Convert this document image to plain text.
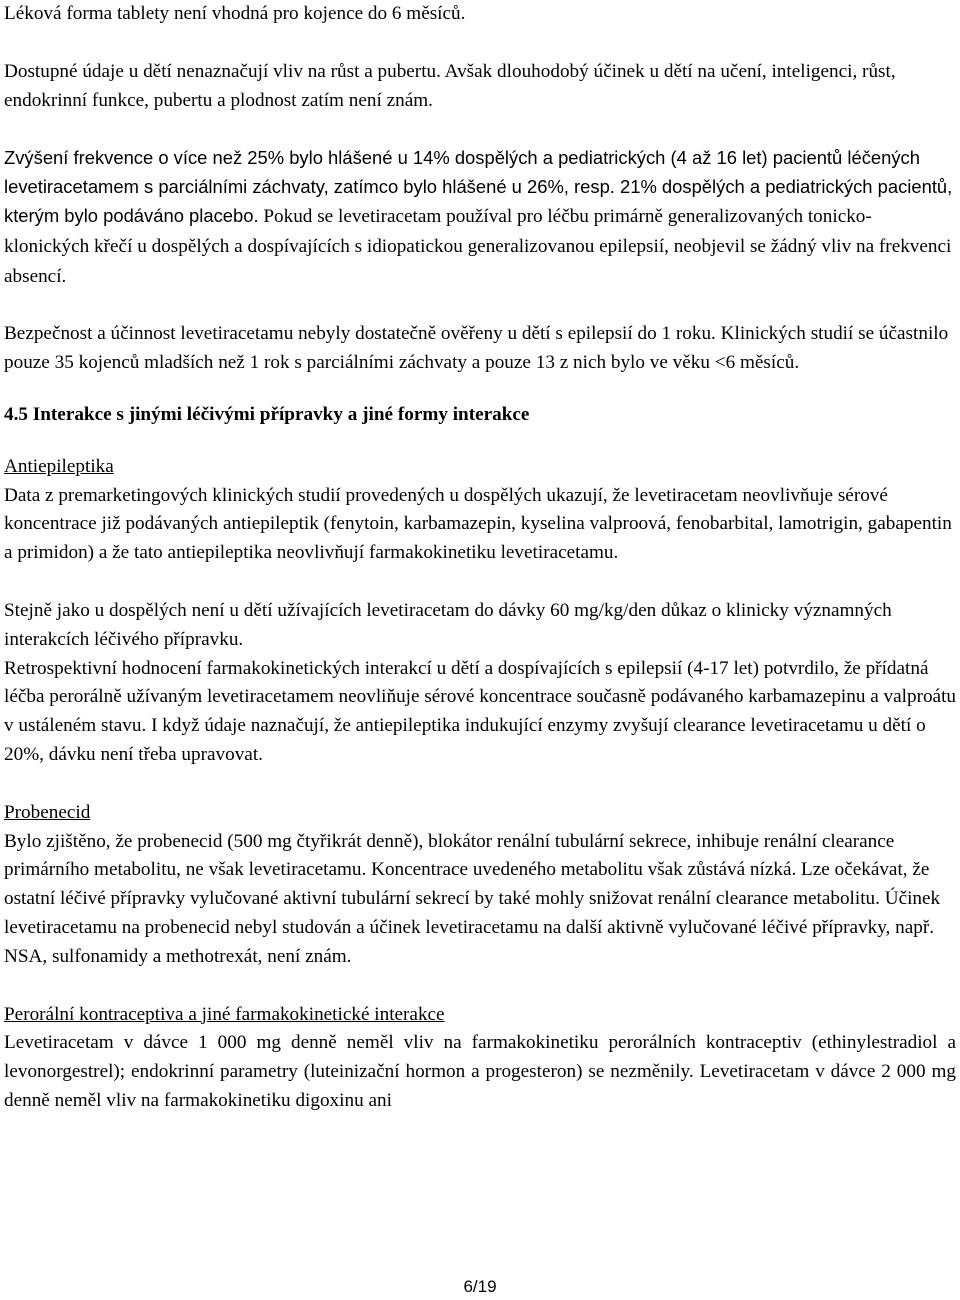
Léková forma tablety není vhodná pro kojence do 6 měsíců.

Dostupné údaje u dětí nenaznačují vliv na růst a pubertu. Avšak dlouhodobý účinek u dětí na učení, inteligenci, růst, endokrinní funkce, pubertu a plodnost zatím není znám.

Zvýšení frekvence o více než 25% bylo hlášené u 14% dospělých a pediatrických (4 až 16 let) pacientů léčených levetiracetamem s parciálními záchvaty, zatímco bylo hlášené u 26%, resp. 21% dospělých a pediatrických pacientů, kterým bylo podáváno placebo. Pokud se levetiracetam používal pro léčbu primárně generalizovaných tonicko-klonických křečí u dospělých a dospívajících s idiopatickou generalizovanou epilepsií, neobjevil se žádný vliv na frekvenci absencí.

Bezpečnost a účinnost levetiracetamu nebyly dostatečně ověřeny u dětí s epilepsií do 1 roku. Klinických studií se účastnilo pouze 35 kojenců mladších než 1 rok s parciálními záchvaty a pouze 13 z nich bylo ve věku <6 měsíců.

4.5 Interakce s jinými léčivými přípravky a jiné formy interakce

Antiepileptika

Data z premarketingových klinických studií provedených u dospělých ukazují, že levetiracetam neovlivňuje sérové koncentrace již podávaných antiepileptik (fenytoin, karbamazepin, kyselina valproová, fenobarbital, lamotrigin, gabapentin a primidon) a že tato antiepileptika neovlivňují farmakokinetiku levetiracetamu.

Stejně jako u dospělých není u dětí užívajících levetiracetam do dávky 60 mg/kg/den důkaz o klinicky významných interakcích léčivého přípravku.

Retrospektivní hodnocení farmakokinetických interakcí u dětí a dospívajících s epilepsií (4-17 let) potvrdilo, že přídatná léčba perorálně užívaným levetiracetamem neovliňuje sérové koncentrace současně podávaného karbamazepinu a valproátu v ustáleném stavu. I když údaje naznačují, že antiepileptika indukující enzymy zvyšují clearance levetiracetamu u dětí o 20%, dávku není třeba upravovat.

Probenecid

Bylo zjištěno, že probenecid (500 mg čtyřikrát denně), blokátor renální tubulární sekrece, inhibuje renální clearance primárního metabolitu, ne však levetiracetamu. Koncentrace uvedeného metabolitu však zůstává nízká. Lze očekávat, že ostatní léčivé přípravky vylučované aktivní tubulární sekrecí by také mohly snižovat renální clearance metabolitu. Účinek levetiracetamu na probenecid nebyl studován a účinek levetiracetamu na další aktivně vylučované léčivé přípravky, např. NSA, sulfonamidy a methotrexát, není znám.

Perorální kontraceptiva a jiné farmakokinetické interakce

Levetiracetam v dávce 1 000 mg denně neměl vliv na farmakokinetiku perorálních kontraceptiv (ethinylestradiol a levonorgestrel); endokrinní parametry (luteinizační hormon a progesteron) se nezměnily. Levetiracetam v dávce 2 000 mg denně neměl vliv na farmakokinetiku digoxinu ani

6/19
